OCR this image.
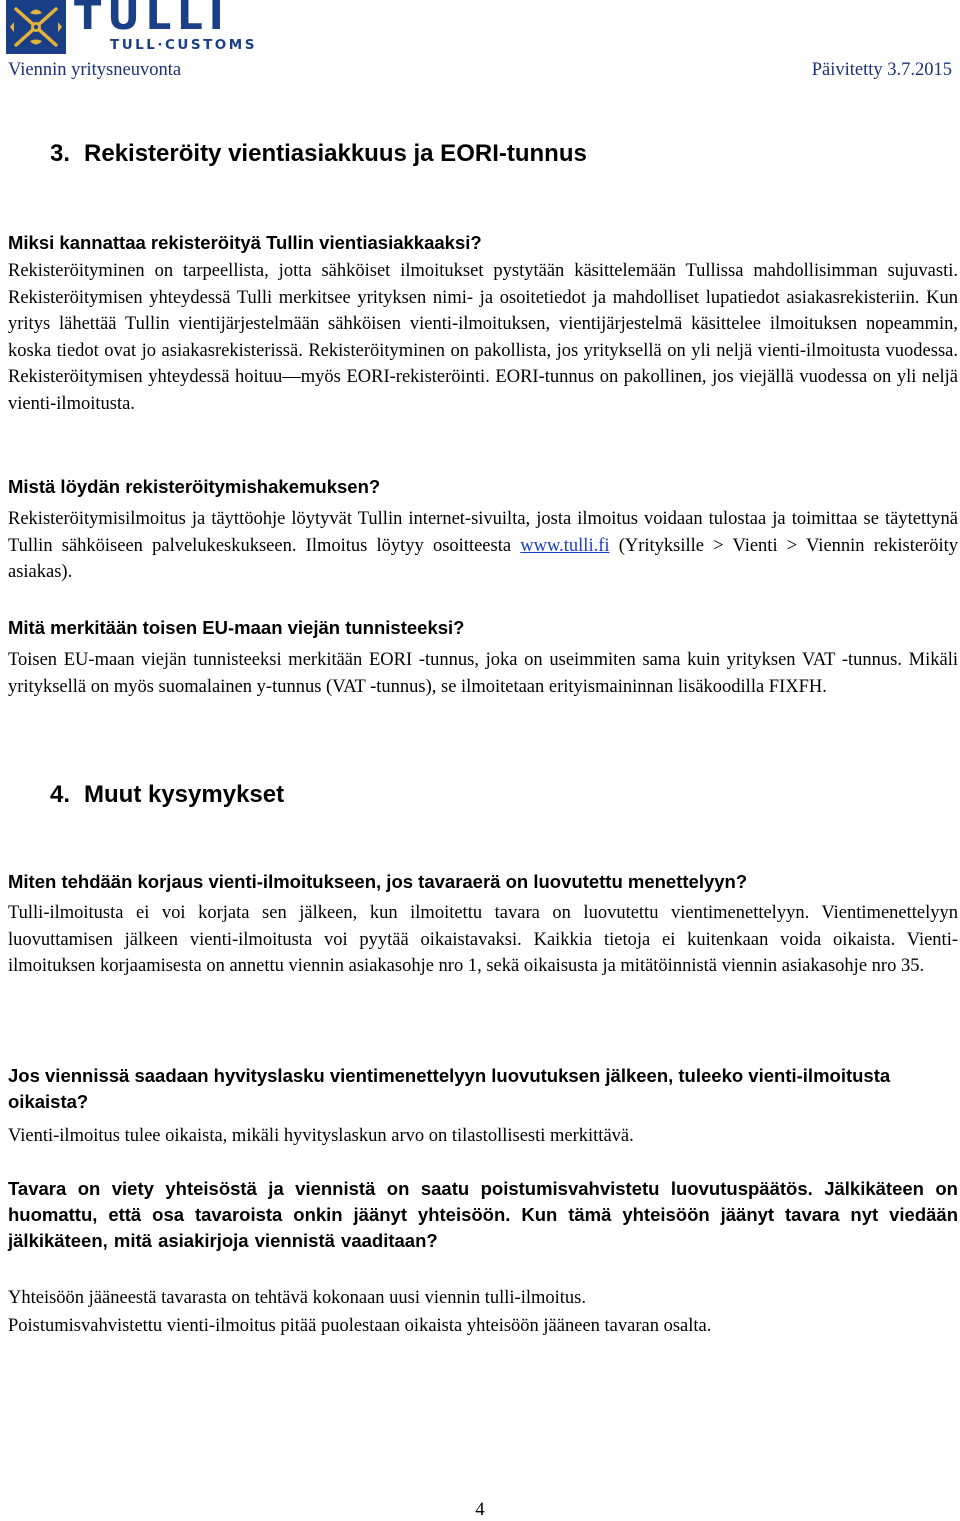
TULLI
TULL·CUSTOMS
Viennin yritysneuvonta	Päivitetty 3.7.2015
3. Rekisteröity vientiasiakkuus ja EORI-tunnus
Miksi kannattaa rekisteröityä Tullin vientiasiakkaaksi?
Rekisteröityminen on tarpeellista, jotta sähköiset ilmoitukset pystytään käsittelemään Tullissa mahdollisimman sujuvasti. Rekisteröitymisen yhteydessä Tulli merkitsee yrityksen nimi- ja osoitetiedot ja mahdolliset lupatiedot asiakasrekisteriin. Kun yritys lähettää Tullin vientijärjestelmään sähköisen vienti-ilmoituksen, vientijärjestelmä käsittelee ilmoituksen nopeammin, koska tiedot ovat jo asiakasrekisterissä. Rekisteröityminen on pakollista, jos yrityksellä on yli neljä vienti-ilmoitusta vuodessa. Rekisteröitymisen yhteydessä hoituu—myös EORI-rekisteröinti. EORI-tunnus on pakollinen, jos viejällä vuodessa on yli neljä vienti-ilmoitusta.
Mistä löydän rekisteröitymishakemuksen?
Rekisteröitymisilmoitus ja täyttöohje löytyvät Tullin internet-sivuilta, josta ilmoitus voidaan tulostaa ja toimittaa se täytettynä Tullin sähköiseen palvelukeskukseen. Ilmoitus löytyy osoitteesta www.tulli.fi (Yrityksille > Vienti > Viennin rekisteröity asiakas).
Mitä merkitään toisen EU-maan viejän tunnisteeksi?
Toisen EU-maan viejän tunnisteeksi merkitään EORI -tunnus, joka on useimmiten sama kuin yrityksen VAT -tunnus. Mikäli yrityksellä on myös suomalainen y-tunnus (VAT -tunnus), se ilmoitetaan erityismaininnan lisäkoodilla FIXFH.
4. Muut kysymykset
Miten tehdään korjaus vienti-ilmoitukseen, jos tavaraerä on luovutettu menettelyyn?
Tulli-ilmoitusta ei voi korjata sen jälkeen, kun ilmoitettu tavara on luovutettu vientimenettelyyn. Vientimenettelyyn luovuttamisen jälkeen vienti-ilmoitusta voi pyytää oikaistavaksi. Kaikkia tietoja ei kuitenkaan voida oikaista. Vienti-ilmoituksen korjaamisesta on annettu viennin asiakasohje nro 1, sekä oikaisusta ja mitätöinnistä viennin asiakasohje nro 35.
Jos viennissä saadaan hyvityslasku vientimenettelyyn luovutuksen jälkeen, tuleeko vienti-ilmoitusta oikaista?
Vienti-ilmoitus tulee oikaista, mikäli hyvityslaskun arvo on tilastollisesti merkittävä.
Tavara on viety yhteisöstä ja viennistä on saatu poistumisvahvistetu luovutuspäätös. Jälkikäteen on huomattu, että osa tavaroista onkin jäänyt yhteisöön. Kun tämä yhteisöön jäänyt tavara nyt viedään jälkikäteen, mitä asiakirjoja viennistä vaaditaan?
Yhteisöön jääneestä tavarasta on tehtävä kokonaan uusi viennin tulli-ilmoitus.
Poistumisvahvistettu vienti-ilmoitus pitää puolestaan oikaista yhteisöön jääneen tavaran osalta.
4
